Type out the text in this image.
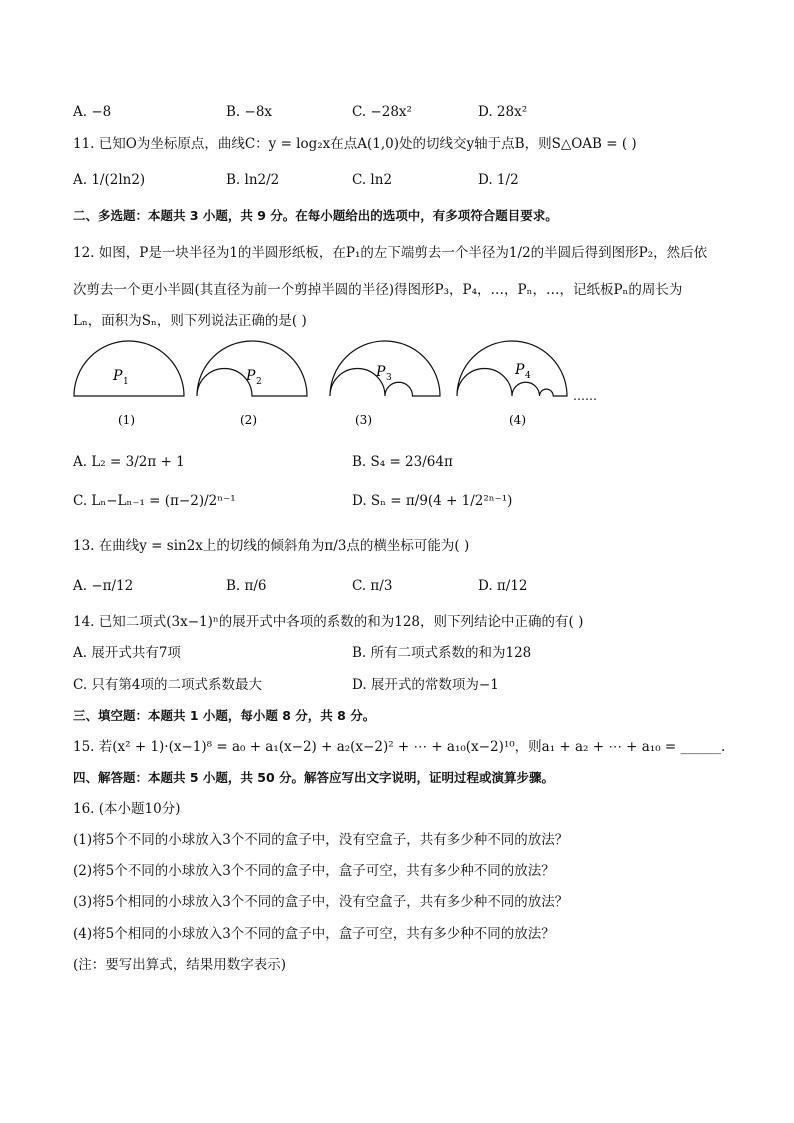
A. −8	B. −8x	C. −28x²	D. 28x²
11. 已知O为坐标原点，曲线C：y = log₂x在点A(1,0)处的切线交y轴于点B，则S△OAB = ( )
A. 1/(2ln2)	B. ln2/2	C. ln2	D. 1/2
二、多选题：本题共 3 小题，共 9 分。在每小题给出的选项中，有多项符合题目要求。
12. 如图，P是一块半径为1的半圆形纸板，在P₁的左下端剪去一个半径为1/2的半圆后得到图形P₂，然后依
次剪去一个更小半圆(其直径为前一个剪掉半圆的半径)得图形P₃，P₄，…，Pₙ，…，记纸板Pₙ的周长为
Lₙ，面积为Sₙ，则下列说法正确的是( )
P 1
(1)
P 2
(2)
P 3
(3)
P 4
(4)
……
A. L₂ = 3/2π + 1	B. S₄ = 23/64π
C. Lₙ−Lₙ₋₁ = (π−2)/2ⁿ⁻¹	D. Sₙ = π/9(4 + 1/2²ⁿ⁻¹)
13. 在曲线y = sin2x上的切线的倾斜角为π/3点的横坐标可能为( )
A. −π/12	B. π/6	C. π/3	D. π/12
14. 已知二项式(3x−1)ⁿ的展开式中各项的系数的和为128，则下列结论中正确的有( )
A. 展开式共有7项	B. 所有二项式系数的和为128
C. 只有第4项的二项式系数最大	D. 展开式的常数项为−1
三、填空题：本题共 1 小题，每小题 8 分，共 8 分。
15. 若(x² + 1)·(x−1)⁸ = a₀ + a₁(x−2) + a₂(x−2)² + ⋯ + a₁₀(x−2)¹⁰，则a₁ + a₂ + ⋯ + a₁₀ = ______.
四、解答题：本题共 5 小题，共 50 分。解答应写出文字说明，证明过程或演算步骤。
16. (本小题10分)
(1)将5个不同的小球放入3个不同的盒子中，没有空盒子，共有多少种不同的放法？
(2)将5个不同的小球放入3个不同的盒子中，盒子可空，共有多少种不同的放法？
(3)将5个相同的小球放入3个不同的盒子中，没有空盒子，共有多少种不同的放法？
(4)将5个相同的小球放入3个不同的盒子中，盒子可空，共有多少种不同的放法？
(注：要写出算式，结果用数字表示)
